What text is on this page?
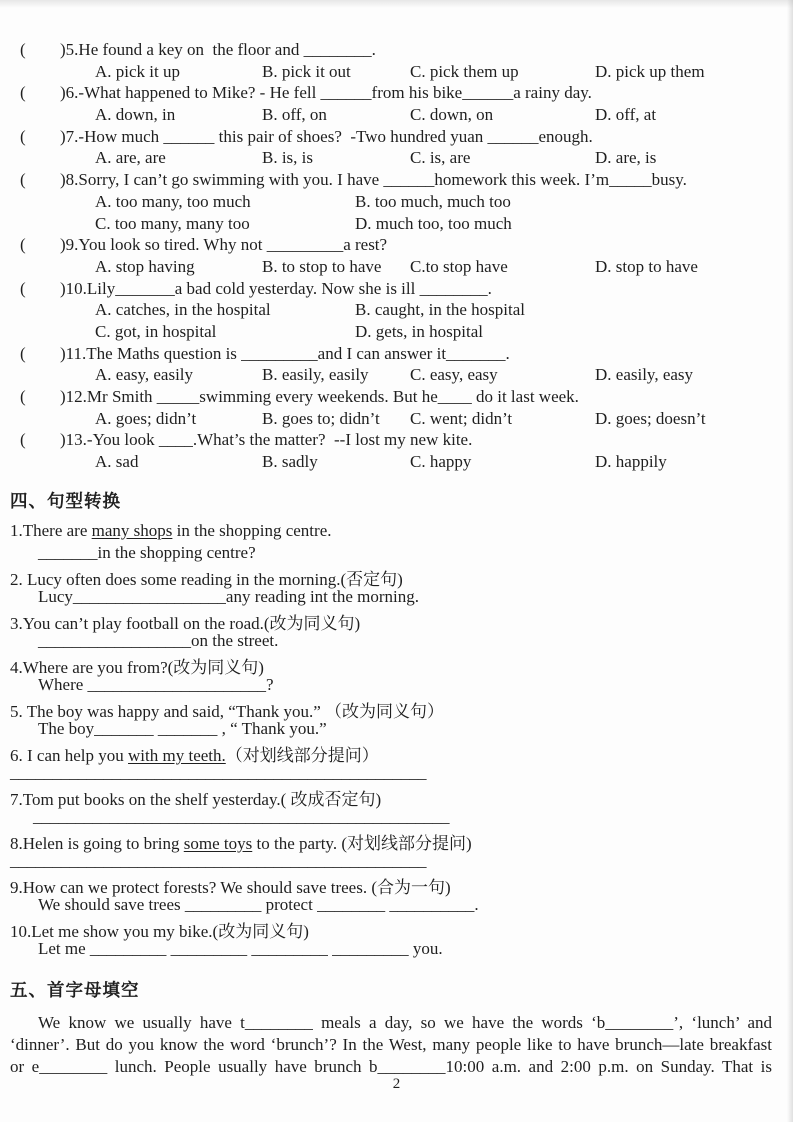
( )5.He found a key on  the floor and ________.
A. pick it up	B. pick it out	C. pick them up	D. pick up them
( )6.-What happened to Mike? - He fell ______from his bike______a rainy day.
A. down, in	B. off, on	C. down, on	D. off, at
( )7.-How much ______ this pair of shoes?  -Two hundred yuan ______enough.
A. are, are	B. is, is	C. is, are	D. are, is
( )8.Sorry, I can’t go swimming with you. I have ______homework this week. I’m_____busy.
A. too many, too much	B. too much, much too
C. too many, many too	D. much too, too much
( )9.You look so tired. Why not _________a rest?
A. stop having	B. to stop to have	C.to stop have	D. stop to have
( )10.Lily_______a bad cold yesterday. Now she is ill ________.
A. catches, in the hospital	B. caught, in the hospital
C. got, in hospital	D. gets, in hospital
( )11.The Maths question is _________and I can answer it_______.
A. easy, easily	B. easily, easily	C. easy, easy	D. easily, easy
( )12.Mr Smith _____swimming every weekends. But he____ do it last week.
A. goes; didn’t	B. goes to; didn’t	C. went; didn’t	D. goes; doesn’t
( )13.-You look ____.What’s the matter?  --I lost my new kite.
A. sad	B. sadly	C. happy	D. happily
四、句型转换
1.There are many shops in the shopping centre.
_______in the shopping centre?
2. Lucy often does some reading in the morning.(否定句)
Lucy__________________any reading int the morning.
3.You can’t play football on the road.(改为同义句)
__________________on the street.
4.Where are you from?(改为同义句)
Where _____________________?
5. The boy was happy and said, “Thank you.” （改为同义句）
The boy_______ _______ , “ Thank you.”
6. I can help you with my teeth.（对划线部分提问）
_________________________________________________
7.Tom put books on the shelf yesterday.( 改成否定句)
_________________________________________________
8.Helen is going to bring some toys to the party. (对划线部分提问)
_________________________________________________
9.How can we protect forests? We should save trees. (合为一句)
We should save trees _________ protect ________ __________.
10.Let me show you my bike.(改为同义句)
Let me _________ _________ _________ _________ you.
五、首字母填空
We know we usually have t________ meals a day, so we have the words ‘b________’, ‘lunch’ and
‘dinner’. But do you know the word ‘brunch’? In the West, many people like to have brunch—late breakfast
or e________ lunch. People usually have brunch b________10:00 a.m. and 2:00 p.m. on Sunday. That is
2
